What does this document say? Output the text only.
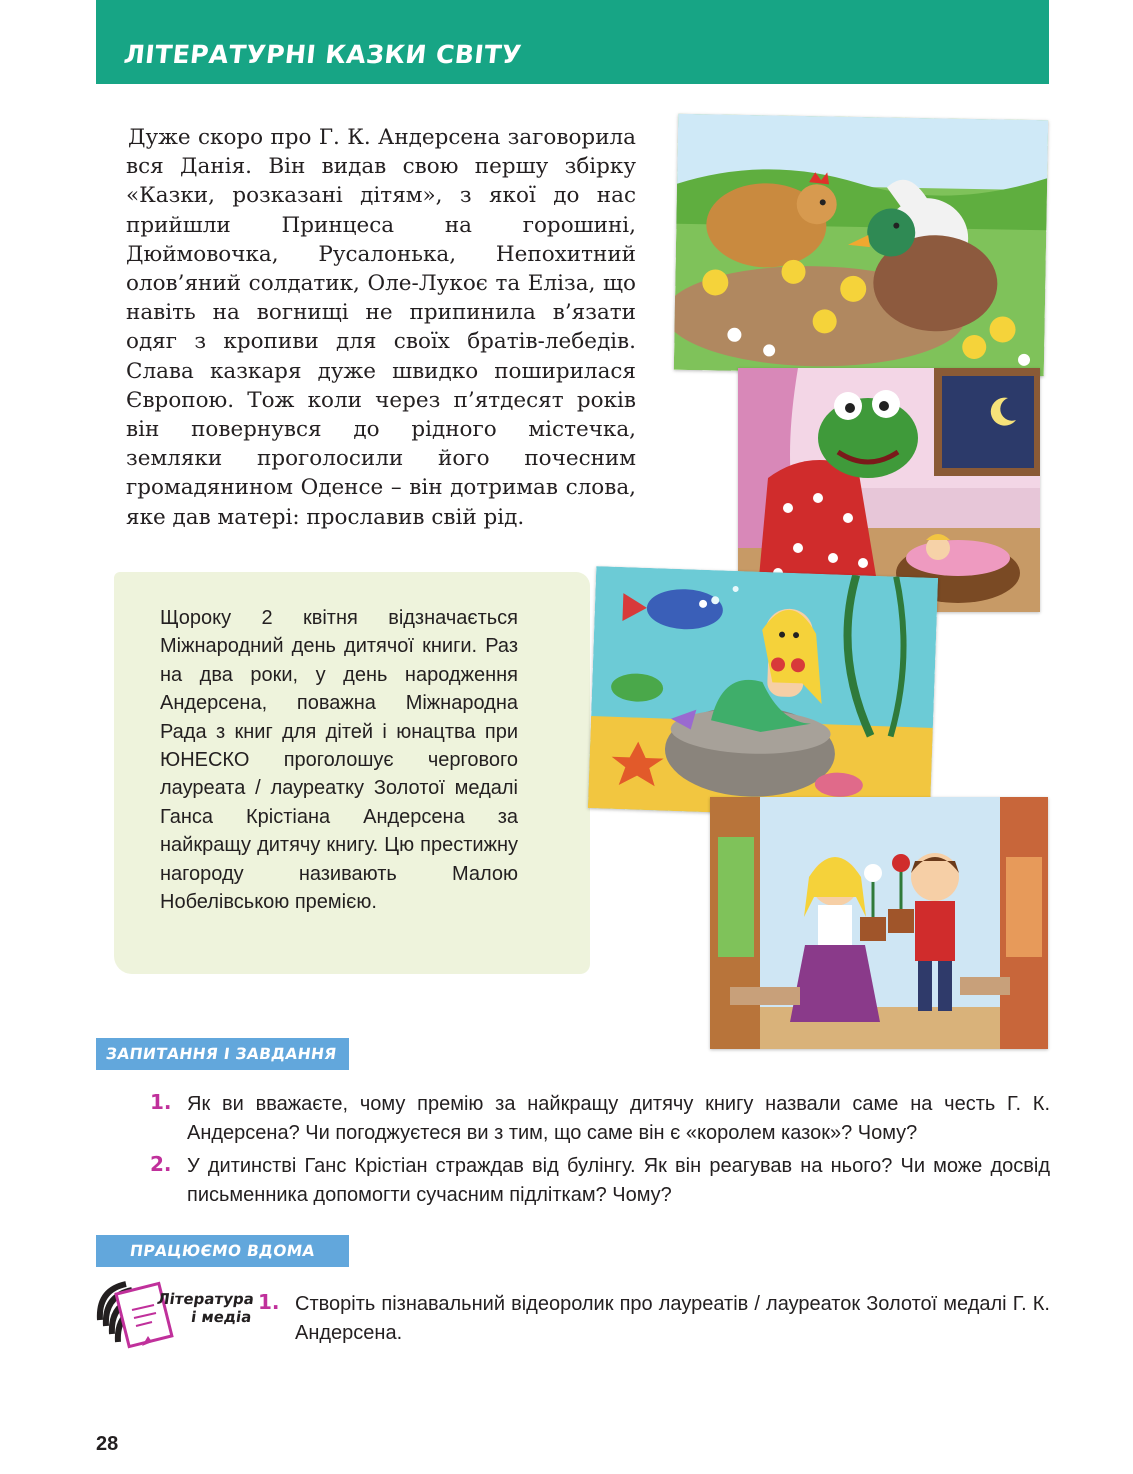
ЛІТЕРАТУРНІ КАЗКИ СВІТУ

Дуже скоро про Г. К. Андерсена заговорила вся Данія. Він видав свою першу збірку «Казки, розказані дітям», з якої до нас прийшли Принцеса на горошині, Дюймовочка, Русалонька, Непохитний олов’яний солдатик, Оле-Лукоє та Еліза, що навіть на вогнищі не припинила в’язати одяг з кропиви для своїх братів-лебедів. Слава казкаря дуже швидко поширилася Європою. Тож коли через п’ятдесят років він повернувся до рідного містечка, земляки проголосили його почесним громадянином Оденсе – він дотримав слова, яке дав матері: прославив свій рід.

Щороку 2 квітня відзначається Міжнародний день дитячої книги. Раз на два роки, у день народження Андерсена, поважна Міжнародна Рада з книг для дітей і юнацтва при ЮНЕСКО проголошує чергового лауреата / лауреатку Золотої медалі Ганса Крістіана Андерсена за найкращу дитячу книгу. Цю престижну нагороду називають Малою Нобелівською премією.

ЗАПИТАННЯ І ЗАВДАННЯ
1. Як ви вважаєте, чому премію за найкращу дитячу книгу назвали саме на честь Г. К. Андерсена? Чи погоджуєтеся ви з тим, що саме він є «королем казок»? Чому?
2. У дитинстві Ганс Крістіан страждав від булінгу. Як він реагував на нього? Чи може досвід письменника допомогти сучасним підліткам? Чому?
ПРАЦЮЄМО ВДОМА
Література
і медіа
1. Створіть пізнавальний відеоролик про лауреатів / лауреаток Золотої медалі Г. К. Андерсена.
28
